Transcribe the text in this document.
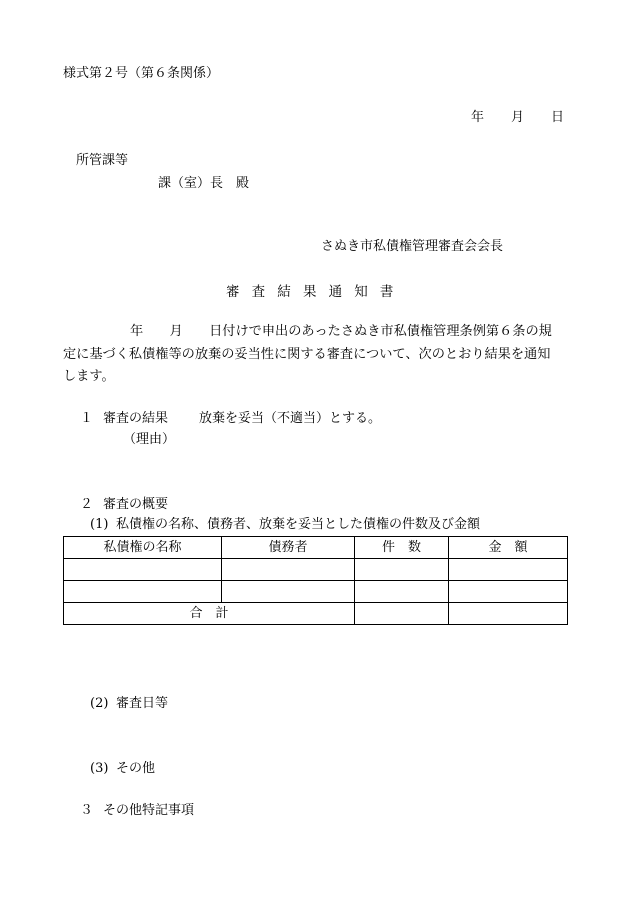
様式第２号（第６条関係）
年 月 日
所管課等
課（室）長　殿
さぬき市私債権管理審査会会長
審査結果通知書

年　　月　　日付けで申出のあったさぬき市私債権管理条例第６条の規

定に基づく私債権等の放棄の妥当性に関する審査について、次のとおり結果を通知

します。

１ 審査の結果 放棄を妥当（不適当）とする。
（理由）
２ 審査の概要
(1) 私債権の名称、債務者、放棄を妥当とした債権の件数及び金額
私債権の名称	債務者	件　数	金　額

合　計			
(2) 審査日等
(3) その他
３ その他特記事項
